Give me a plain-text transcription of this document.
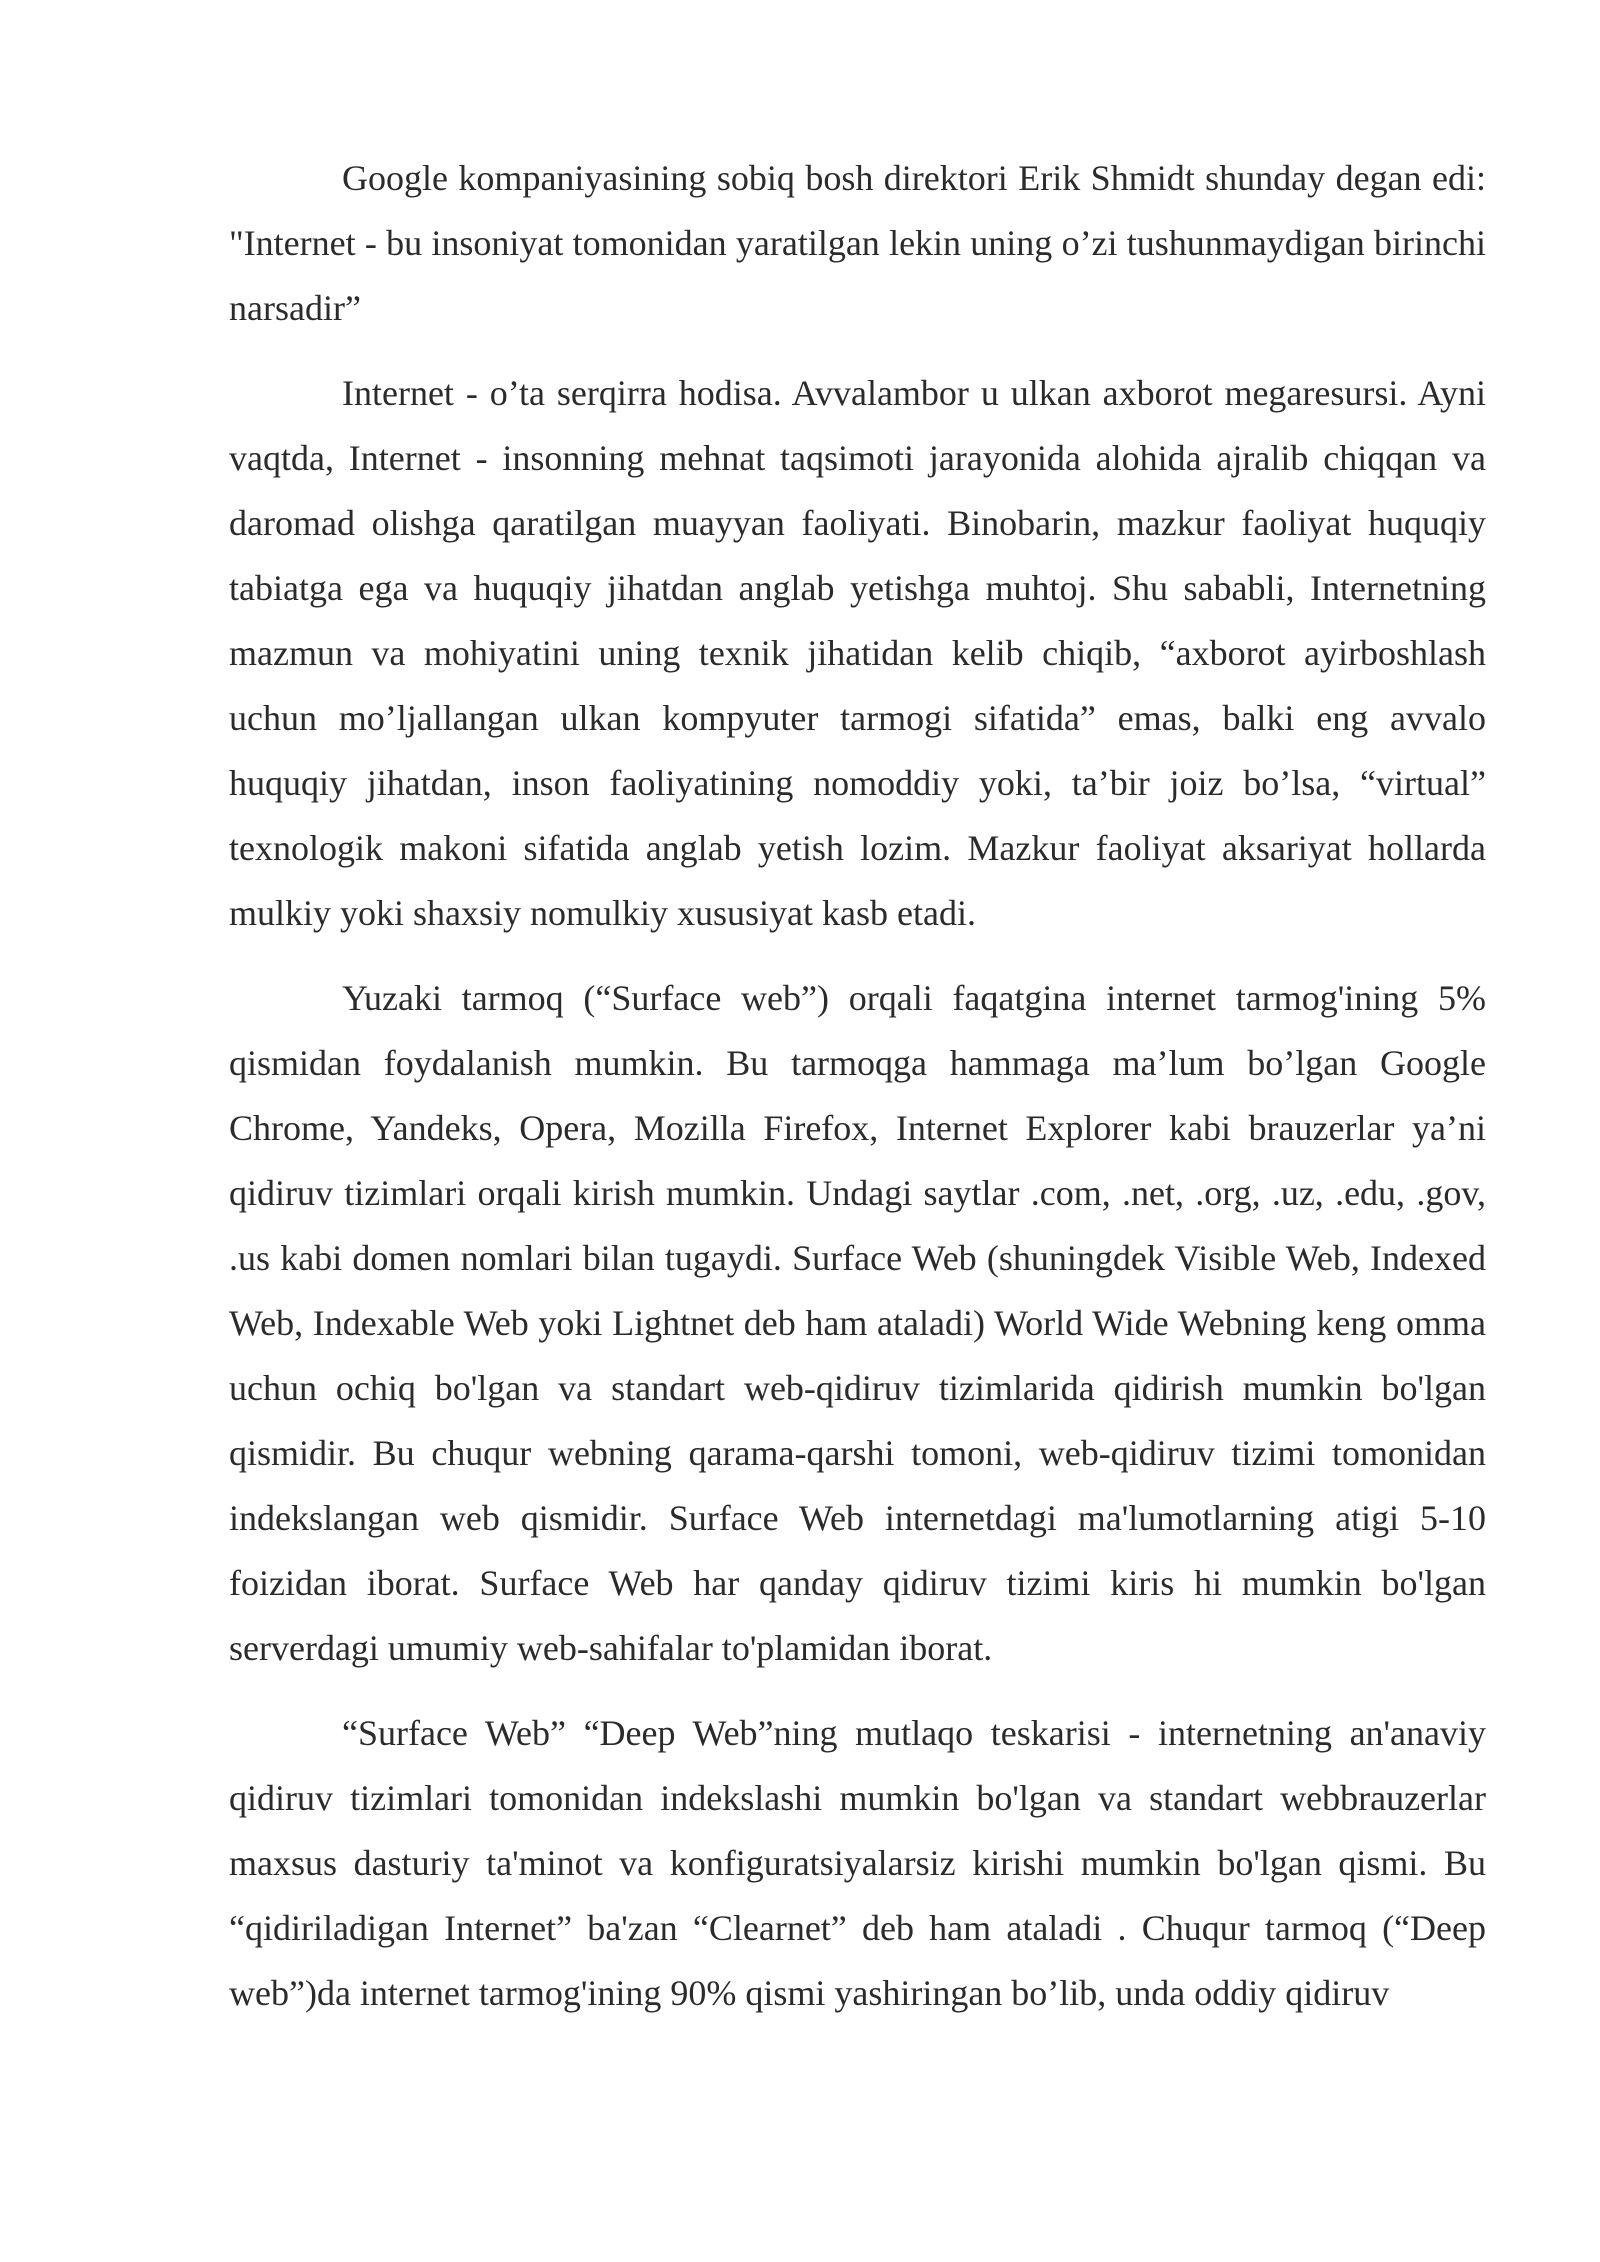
Google kompaniyasining sobiq bosh direktori Erik Shmidt shunday degan edi: "Internet - bu insoniyat tomonidan yaratilgan lekin uning o’zi tushunmaydigan birinchi narsadir”

Internet - o’ta serqirra hodisa. Avvalambor u ulkan axborot megaresursi. Ayni vaqtda, Internet - insonning mehnat taqsimoti jarayonida alohida ajralib chiqqan va daromad olishga qaratilgan muayyan faoliyati. Binobarin, mazkur faoliyat huquqiy tabiatga ega va huquqiy jihatdan anglab yetishga muhtoj. Shu sababli, Internetning mazmun va mohiyatini uning texnik jihatidan kelib chiqib, “axborot ayirboshlash uchun mo’ljallangan ulkan kompyuter tarmogi sifatida” emas, balki eng avvalo huquqiy jihatdan, inson faoliyatining nomoddiy yoki, ta’bir joiz bo’lsa, “virtual” texnologik makoni sifatida anglab yetish lozim. Mazkur faoliyat aksariyat hollarda mulkiy yoki shaxsiy nomulkiy xususiyat kasb etadi.

Yuzaki tarmoq (“Surface web”) orqali faqatgina internet tarmog'ining 5% qismidan foydalanish mumkin. Bu tarmoqga hammaga ma’lum bo’lgan Google Chrome, Yandeks, Opera, Mozilla Firefox, Internet Explorer kabi brauzerlar ya’ni qidiruv tizimlari orqali kirish mumkin. Undagi saytlar .com, .net, .org, .uz, .edu, .gov, .us kabi domen nomlari bilan tugaydi. Surface Web (shuningdek Visible Web, Indexed Web, Indexable Web yoki Lightnet deb ham ataladi) World Wide Webning keng omma uchun ochiq bo'lgan va standart web-qidiruv tizimlarida qidirish mumkin bo'lgan qismidir. Bu chuqur webning qarama-qarshi tomoni, web-qidiruv tizimi tomonidan indekslangan web qismidir. Surface Web internetdagi ma'lumotlarning atigi 5-10 foizidan iborat. Surface Web har qanday qidiruv tizimi kiris hi mumkin bo'lgan serverdagi umumiy web-sahifalar to'plamidan iborat.

“Surface Web” “Deep Web”ning mutlaqo teskarisi - internetning an'anaviy qidiruv tizimlari tomonidan indekslashi mumkin bo'lgan va standart webbrauzerlar maxsus dasturiy ta'minot va konfiguratsiyalarsiz kirishi mumkin bo'lgan qismi. Bu “qidiriladigan Internet” ba'zan “Clearnet” deb ham ataladi . Chuqur tarmoq (“Deep web”)da internet tarmog'ining 90% qismi yashiringan bo’lib, unda oddiy qidiruv
